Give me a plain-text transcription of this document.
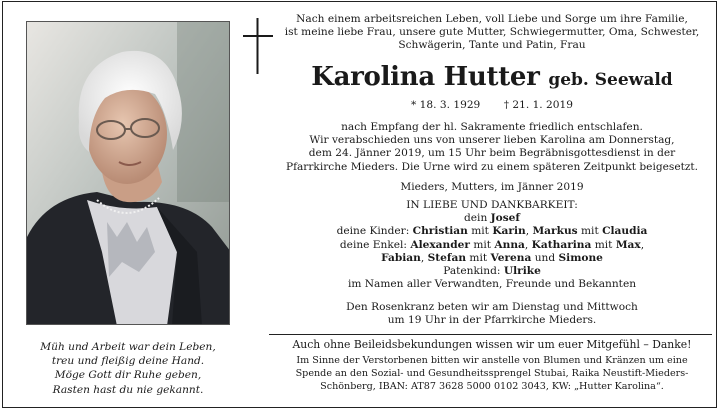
Müh und Arbeit war dein Leben,
treu und fleißig deine Hand.
Möge Gott dir Ruhe geben,
Rasten hast du nie gekannt.
Nach einem arbeitsreichen Leben, voll Liebe und Sorge um ihre Familie,
ist meine liebe Frau, unsere gute Mutter, Schwiegermutter, Oma, Schwester,
Schwägerin, Tante und Patin, Frau
Karolina Hutter geb. Seewald
* 18. 3. 1929 † 21. 1. 2019
nach Empfang der hl. Sakramente friedlich entschlafen.
Wir verabschieden uns von unserer lieben Karolina am Donnerstag,
dem 24. Jänner 2019, um 15 Uhr beim Begräbnisgottesdienst in der
Pfarrkirche Mieders. Die Urne wird zu einem späteren Zeitpunkt beigesetzt.
Mieders, Mutters, im Jänner 2019
IN LIEBE UND DANKBARKEIT:
dein Josef
deine Kinder: Christian mit Karin, Markus mit Claudia
deine Enkel: Alexander mit Anna, Katharina mit Max,
Fabian, Stefan mit Verena und Simone
Patenkind: Ulrike
im Namen aller Verwandten, Freunde und Bekannten
Den Rosenkranz beten wir am Dienstag und Mittwoch
um 19 Uhr in der Pfarrkirche Mieders.
Auch ohne Beileidsbekundungen wissen wir um euer Mitgefühl – Danke!
Im Sinne der Verstorbenen bitten wir anstelle von Blumen und Kränzen um eine
Spende an den Sozial- und Gesundheitssprengel Stubai, Raika Neustift-Mieders-
Schönberg, IBAN: AT87 3628 5000 0102 3043, KW: „Hutter Karolina“.
